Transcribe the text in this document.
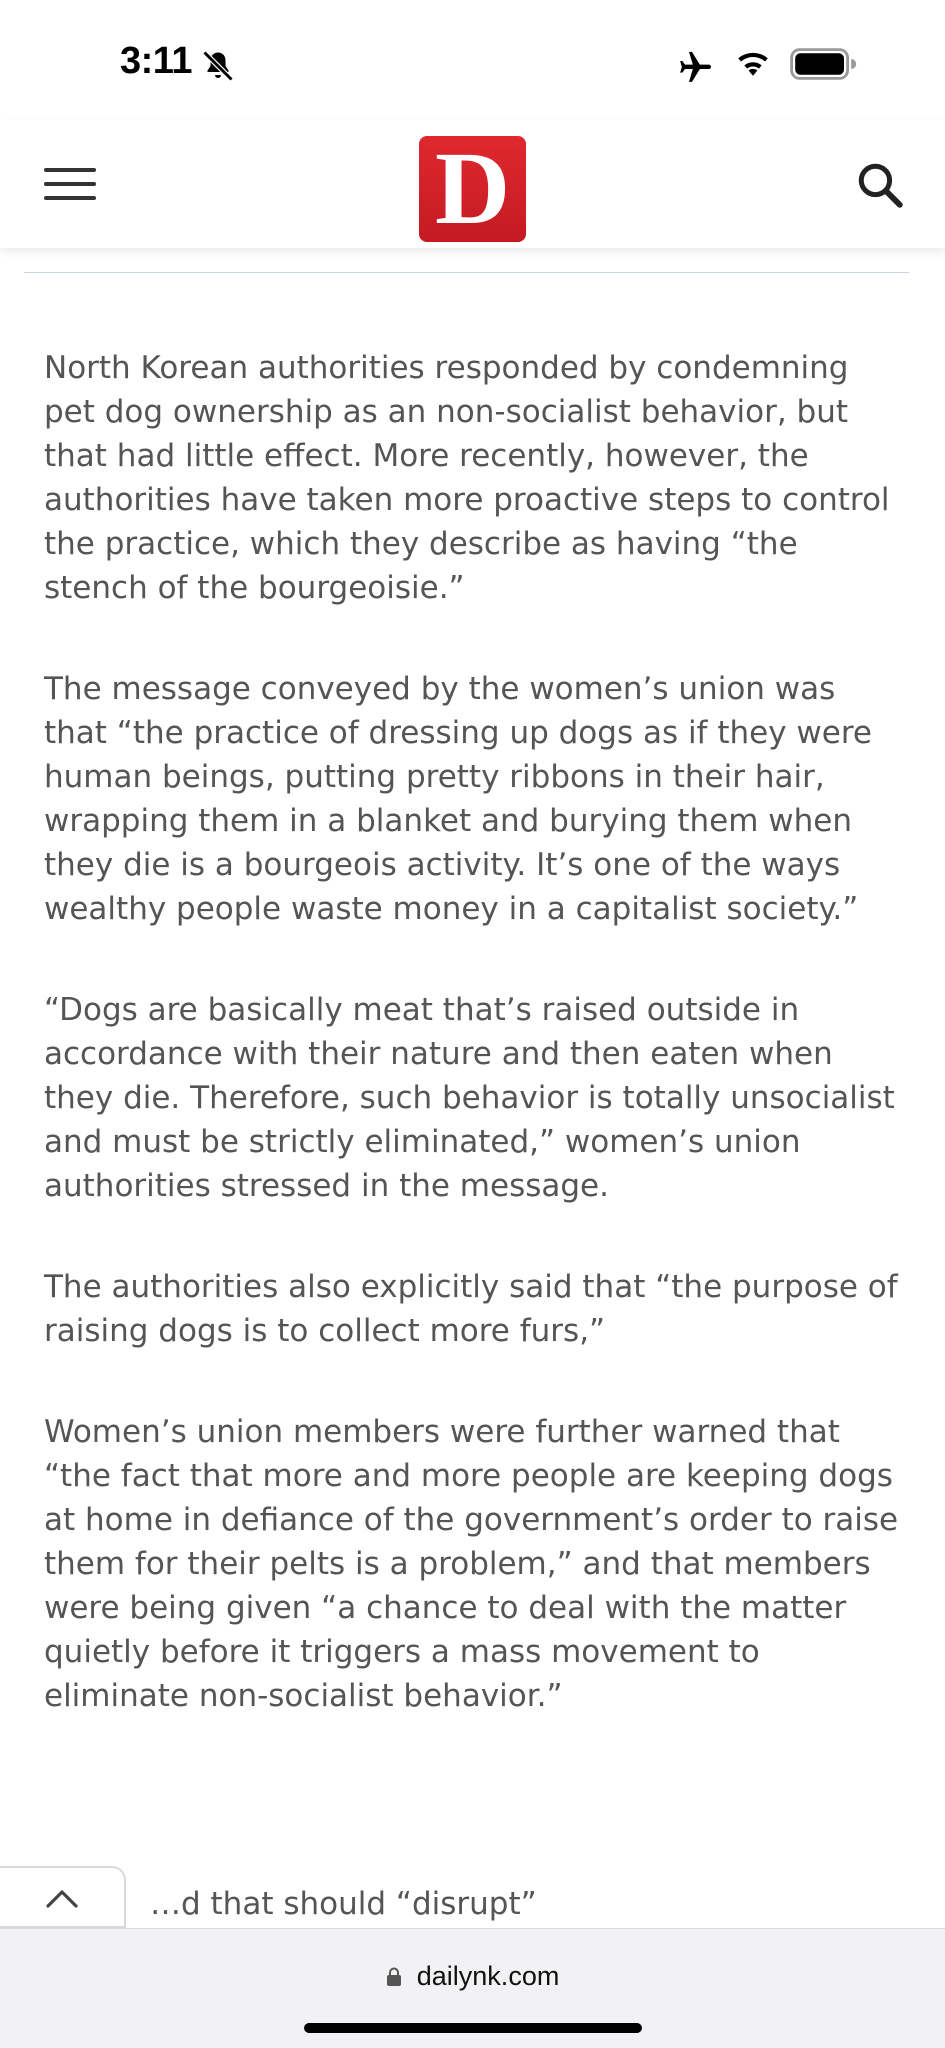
3:11
D

North Korean authorities responded by condemning pet dog ownership as an non-socialist behavior, but that had little effect. More recently, however, the authorities have taken more proactive steps to control the practice, which they describe as having “the stench of the bourgeoisie.”

The message conveyed by the women’s union was that “the practice of dressing up dogs as if they were human beings, putting pretty ribbons in their hair, wrapping them in a blanket and burying them when they die is a bourgeois activity. It’s one of the ways wealthy people waste money in a capitalist society.”

“Dogs are basically meat that’s raised outside in accordance with their nature and then eaten when they die. Therefore, such behavior is totally unsocialist and must be strictly eliminated,” women’s union authorities stressed in the message.

The authorities also explicitly said that “the purpose of raising dogs is to collect more furs,”

Women’s union members were further warned that “the fact that more and more people are keeping dogs at home in defiance of the government’s order to raise them for their pelts is a problem,” and that members were being given “a chance to deal with the matter quietly before it triggers a mass movement to eliminate non-socialist behavior.”

…d that should “disrupt”
dailynk.com
